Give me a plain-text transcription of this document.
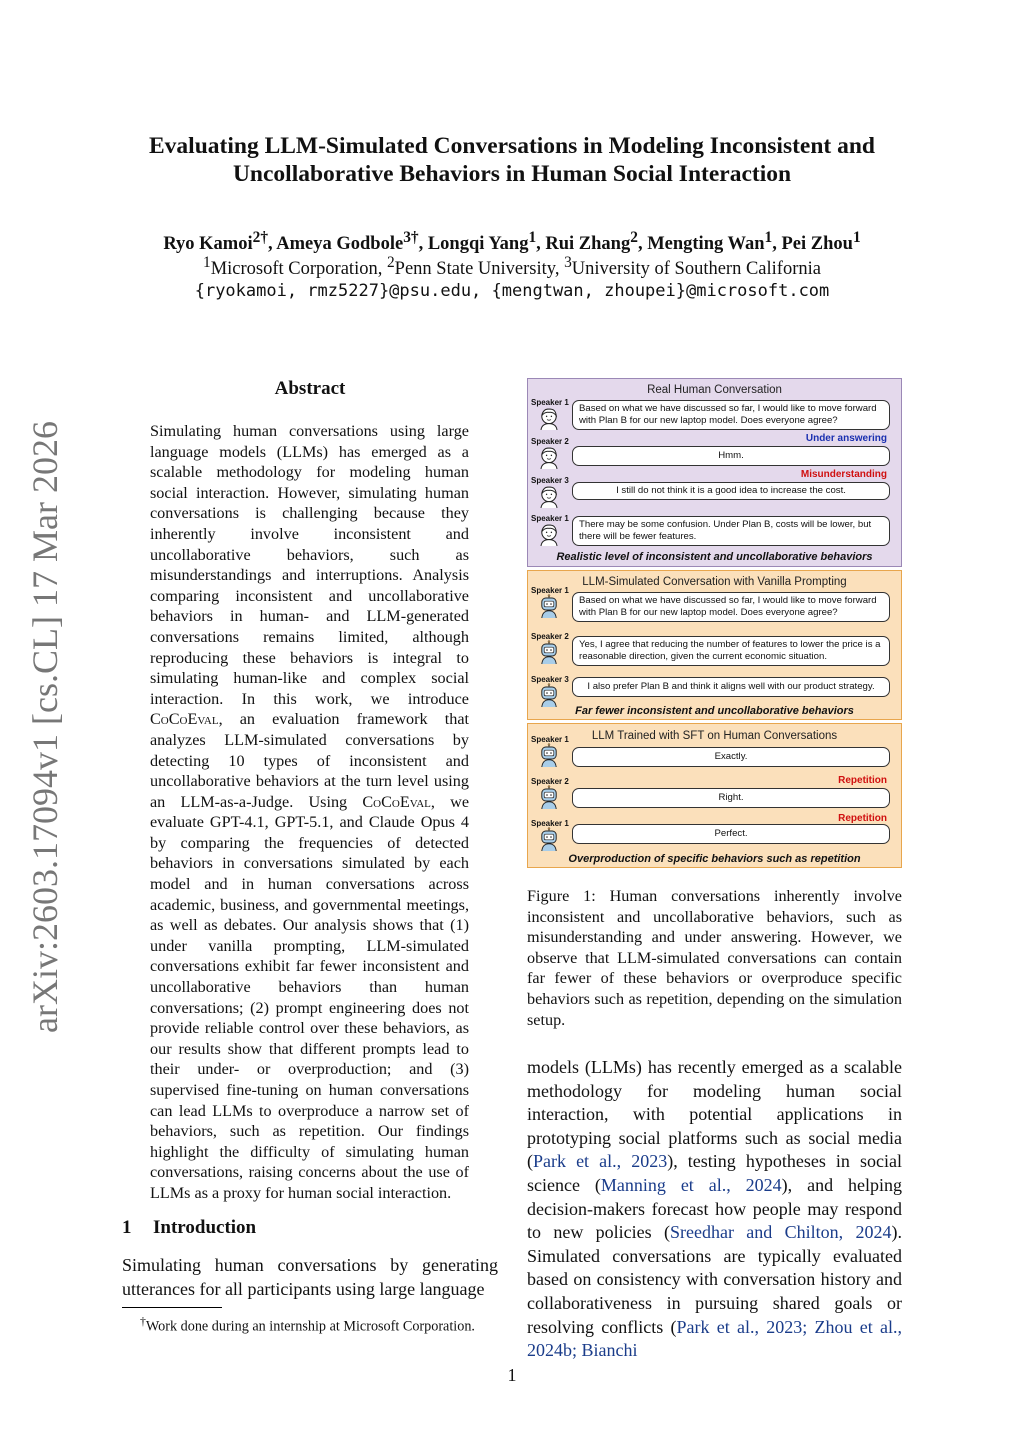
arXiv:2603.17094v1 [cs.CL] 17 Mar 2026
Evaluating LLM-Simulated Conversations in Modeling Inconsistent and
Uncollaborative Behaviors in Human Social Interaction
Ryo Kamoi$^{2\dagger}$, Ameya Godbole$^{3\dagger}$, Longqi Yang$^1$, Rui Zhang$^2$, Mengting Wan$^1$, Pei Zhou$^1$
$^1$Microsoft Corporation, $^2$Penn State University, $^3$University of Southern California
{ryokamoi, rmz5227}@psu.edu, {mengtwan, zhoupei}@microsoft.com
Abstract
Simulating human conversations using large language models (LLMs) has emerged as a scalable methodology for modeling human social interaction. However, simulating human conversations is challenging because they inherently involve inconsistent and uncollaborative behaviors, such as misunderstandings and interruptions. Analysis comparing inconsistent and uncollaborative behaviors in human- and LLM-generated conversations remains limited, although reproducing these behaviors is integral to simulating human-like and complex social interaction. In this work, we introduce CoCoEval, an evaluation framework that analyzes LLM-simulated conversations by detecting 10 types of inconsistent and uncollaborative behaviors at the turn level using an LLM-as-a-Judge. Using CoCoEval, we evaluate GPT-4.1, GPT-5.1, and Claude Opus 4 by comparing the frequencies of detected behaviors in conversations simulated by each model and in human conversations across academic, business, and governmental meetings, as well as debates. Our analysis shows that (1) under vanilla prompting, LLM-simulated conversations exhibit far fewer inconsistent and uncollaborative behaviors than human conversations; (2) prompt engineering does not provide reliable control over these behaviors, as our results show that different prompts lead to their under- or overproduction; and (3) supervised fine-tuning on human conversations can lead LLMs to overproduce a narrow set of behaviors, such as repetition. Our findings highlight the difficulty of simulating human conversations, raising concerns about the use of LLMs as a proxy for human social interaction.
1 Introduction
Simulating human conversations by generating utterances for all participants using large language
†Work done during an internship at Microsoft Corporation.
Real Human Conversation
Speaker 1
Based on what we have discussed so far, I would like to move forward with Plan B for our new laptop model. Does everyone agree?
Speaker 2	Under answering
Hmm.
Speaker 3
Misunderstanding
I still do not think it is a good idea to increase the cost.
Speaker 1
There may be some confusion. Under Plan B, costs will be lower, but there will be fewer features.
Realistic level of inconsistent and uncollaborative behaviors
LLM-Simulated Conversation with Vanilla Prompting
Speaker 1
Based on what we have discussed so far, I would like to move forward with Plan B for our new laptop model. Does everyone agree?
Speaker 2
Yes, I agree that reducing the number of features to lower the price is a reasonable direction, given the current economic situation.
Speaker 3
I also prefer Plan B and think it aligns well with our product strategy.
Far fewer inconsistent and uncollaborative behaviors
LLM Trained with SFT on Human Conversations
Speaker 1
Exactly.
Speaker 2	Repetition
Right.
Speaker 1	Repetition
Perfect.
Overproduction of specific behaviors such as repetition
Figure 1: Human conversations inherently involve inconsistent and uncollaborative behaviors, such as misunderstanding and under answering. However, we observe that LLM-simulated conversations can contain far fewer of these behaviors or overproduce specific behaviors such as repetition, depending on the simulation setup.
models (LLMs) has recently emerged as a scalable methodology for modeling human social interaction, with potential applications in prototyping social platforms such as social media (Park et al., 2023), testing hypotheses in social science (Manning et al., 2024), and helping decision-makers forecast how people may respond to new policies (Sreedhar and Chilton, 2024). Simulated conversations are typically evaluated based on consistency with conversation history and collaborativeness in pursuing shared goals or resolving conflicts (Park et al., 2023; Zhou et al., 2024b; Bianchi
1
